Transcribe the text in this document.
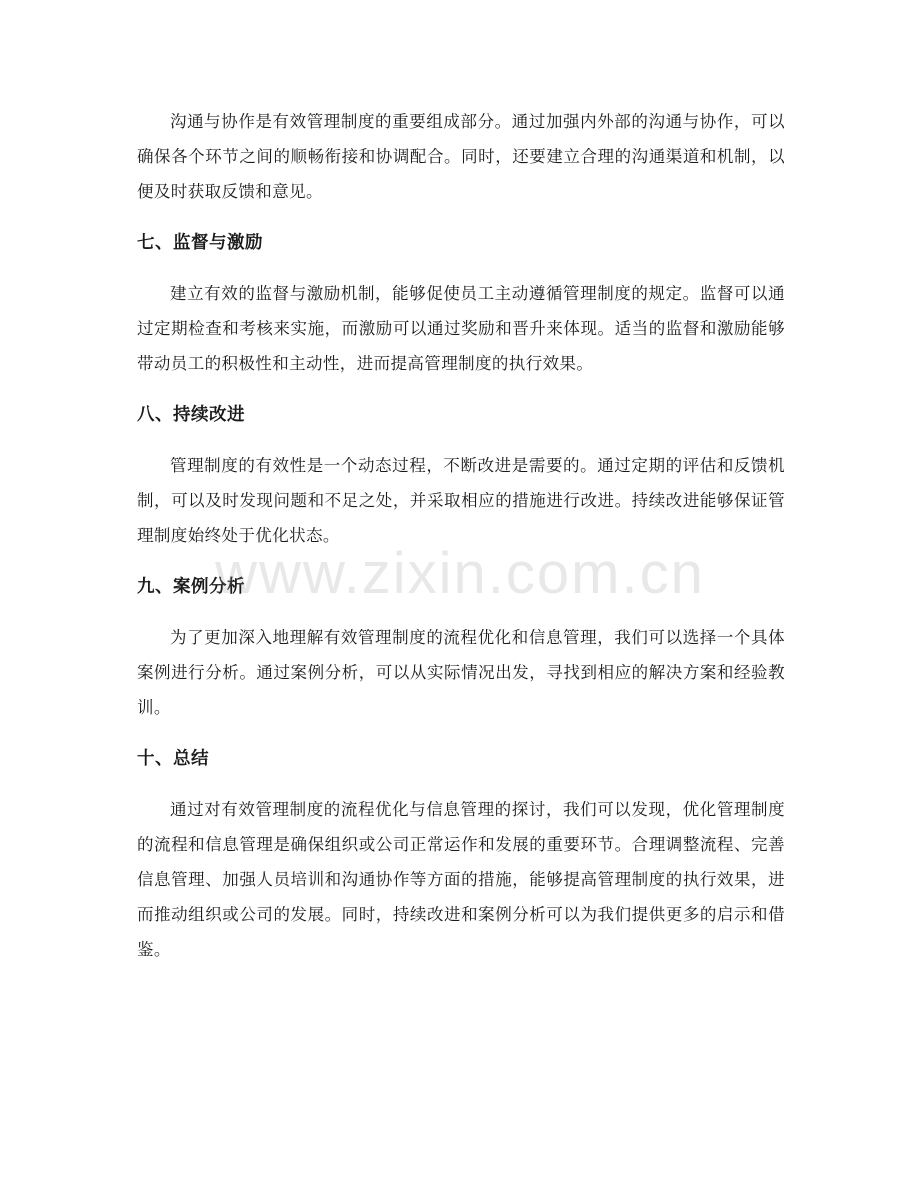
沟通与协作是有效管理制度的重要组成部分。通过加强内外部的沟通与协作，可以确保各个环节之间的顺畅衔接和协调配合。同时，还要建立合理的沟通渠道和机制，以便及时获取反馈和意见。

七、监督与激励

建立有效的监督与激励机制，能够促使员工主动遵循管理制度的规定。监督可以通过定期检查和考核来实施，而激励可以通过奖励和晋升来体现。适当的监督和激励能够带动员工的积极性和主动性，进而提高管理制度的执行效果。

八、持续改进

管理制度的有效性是一个动态过程，不断改进是需要的。通过定期的评估和反馈机制，可以及时发现问题和不足之处，并采取相应的措施进行改进。持续改进能够保证管理制度始终处于优化状态。

九、案例分析

为了更加深入地理解有效管理制度的流程优化和信息管理，我们可以选择一个具体案例进行分析。通过案例分析，可以从实际情况出发，寻找到相应的解决方案和经验教训。

十、总结

通过对有效管理制度的流程优化与信息管理的探讨，我们可以发现，优化管理制度的流程和信息管理是确保组织或公司正常运作和发展的重要环节。合理调整流程、完善信息管理、加强人员培训和沟通协作等方面的措施，能够提高管理制度的执行效果，进而推动组织或公司的发展。同时，持续改进和案例分析可以为我们提供更多的启示和借鉴。

www.zixin.com.cn
